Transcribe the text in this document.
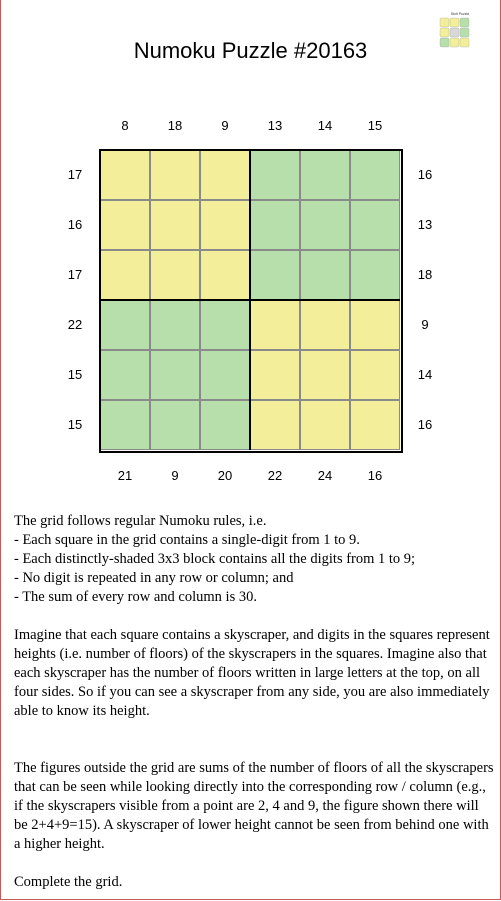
Numoku Puzzle #20163
Stolt Puzzle
8	18	9	13	14	15
21	9	20	22	24	16
17
16
17
22
15
15
16
13
18
9
14
16

The grid follows regular Numoku rules, i.e.

- Each square in the grid contains a single-digit from 1 to 9.

- Each distinctly-shaded 3x3 block contains all the digits from 1 to 9;

- No digit is repeated in any row or column; and

- The sum of every row and column is 30.

Imagine that each square contains a skyscraper, and digits in the squares represent heights (i.e. number of floors) of the skyscrapers in the squares. Imagine also that each skyscraper has the number of floors written in large letters at the top, on all four sides. So if you can see a skyscraper from any side, you are also immediately able to know its height.
The figures outside the grid are sums of the number of floors of all the skyscrapers that can be seen while looking directly into the corresponding row / column (e.g., if the skyscrapers visible from a point are 2, 4 and 9, the figure shown there will be 2+4+9=15). A skyscraper of lower height cannot be seen from behind one with a higher height.
Complete the grid.
